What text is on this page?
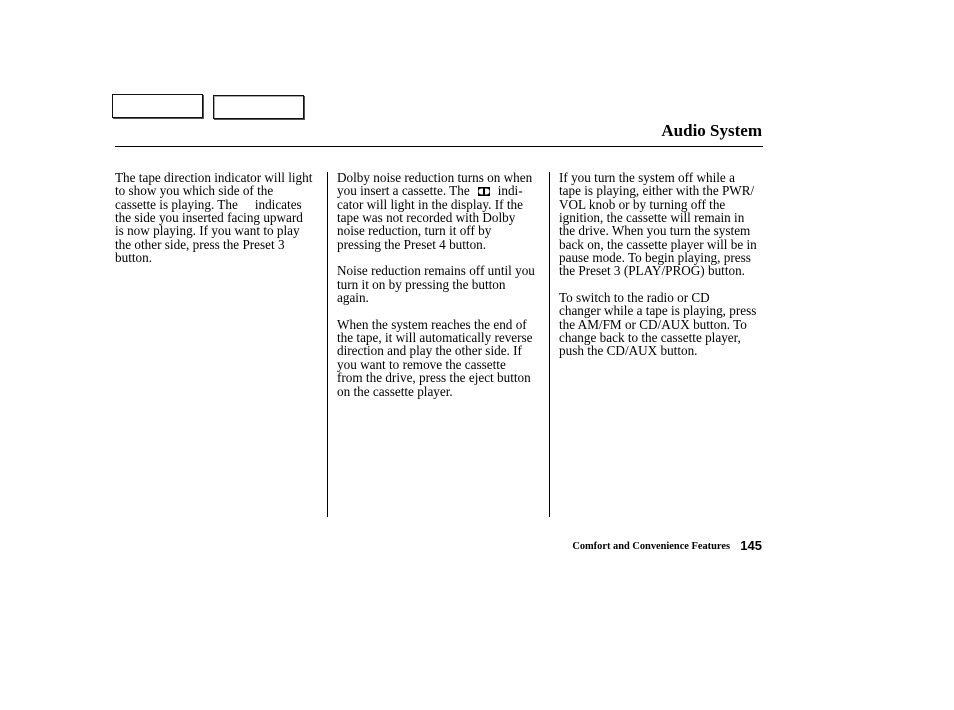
Audio System
The tape direction indicator will light
to show you which side of the
cassette is playing. The indicates
the side you inserted facing upward
is now playing. If you want to play
the other side, press the Preset 3
button.
Dolby noise reduction turns on when
you insert a cassette. The indi-
cator will light in the display. If the
tape was not recorded with Dolby
noise reduction, turn it off by
pressing the Preset 4 button.
Noise reduction remains off until you
turn it on by pressing the button
again.
When the system reaches the end of
the tape, it will automatically reverse
direction and play the other side. If
you want to remove the cassette
from the drive, press the eject button
on the cassette player.
If you turn the system off while a
tape is playing, either with the PWR/
VOL knob or by turning off the
ignition, the cassette will remain in
the drive. When you turn the system
back on, the cassette player will be in
pause mode. To begin playing, press
the Preset 3 (PLAY/PROG) button.
To switch to the radio or CD
changer while a tape is playing, press
the AM/FM or CD/AUX button. To
change back to the cassette player,
push the CD/AUX button.
Comfort and Convenience Features 145
